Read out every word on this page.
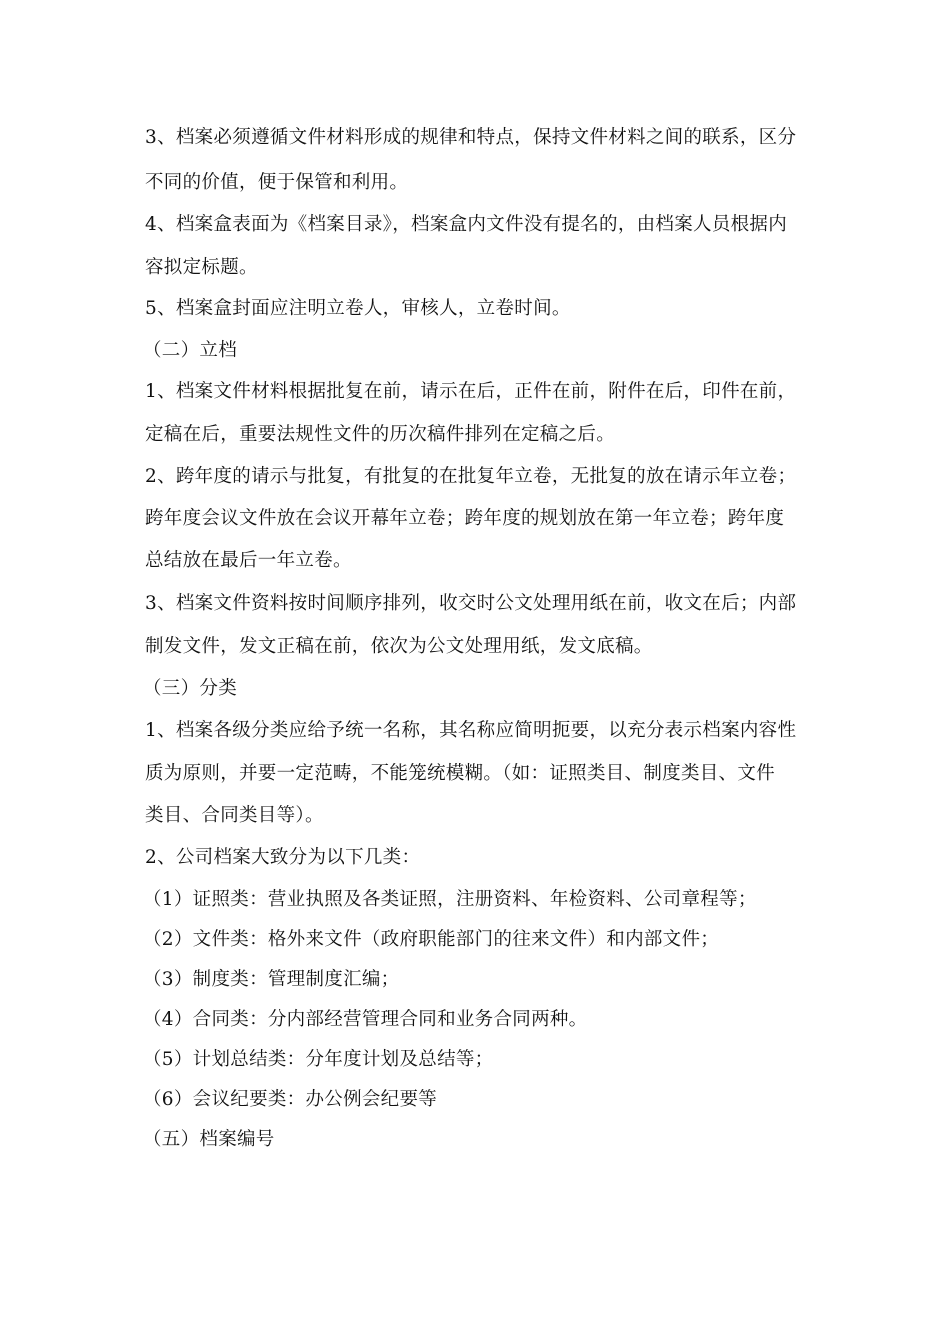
3、档案必须遵循文件材料形成的规律和特点，保持文件材料之间的联系，区分
不同的价值，便于保管和利用。
4、档案盒表面为《档案目录》，档案盒内文件没有提名的，由档案人员根据内
容拟定标题。
5、档案盒封面应注明立卷人，审核人，立卷时间。
（二）立档
1、档案文件材料根据批复在前，请示在后，正件在前，附件在后，印件在前，
定稿在后，重要法规性文件的历次稿件排列在定稿之后。
2、跨年度的请示与批复，有批复的在批复年立卷，无批复的放在请示年立卷；
跨年度会议文件放在会议开幕年立卷；跨年度的规划放在第一年立卷；跨年度
总结放在最后一年立卷。
3、档案文件资料按时间顺序排列，收交时公文处理用纸在前，收文在后；内部
制发文件，发文正稿在前，依次为公文处理用纸，发文底稿。
（三）分类
1、档案各级分类应给予统一名称，其名称应简明扼要，以充分表示档案内容性
质为原则，并要一定范畴，不能笼统模糊。（如：证照类目、制度类目、文件
类目、合同类目等）。
2、公司档案大致分为以下几类：
（1）证照类：营业执照及各类证照，注册资料、年检资料、公司章程等；
（2）文件类：格外来文件（政府职能部门的往来文件）和内部文件；
（3）制度类：管理制度汇编；
（4）合同类：分内部经营管理合同和业务合同两种。
（5）计划总结类：分年度计划及总结等；
（6）会议纪要类：办公例会纪要等
（五）档案编号
